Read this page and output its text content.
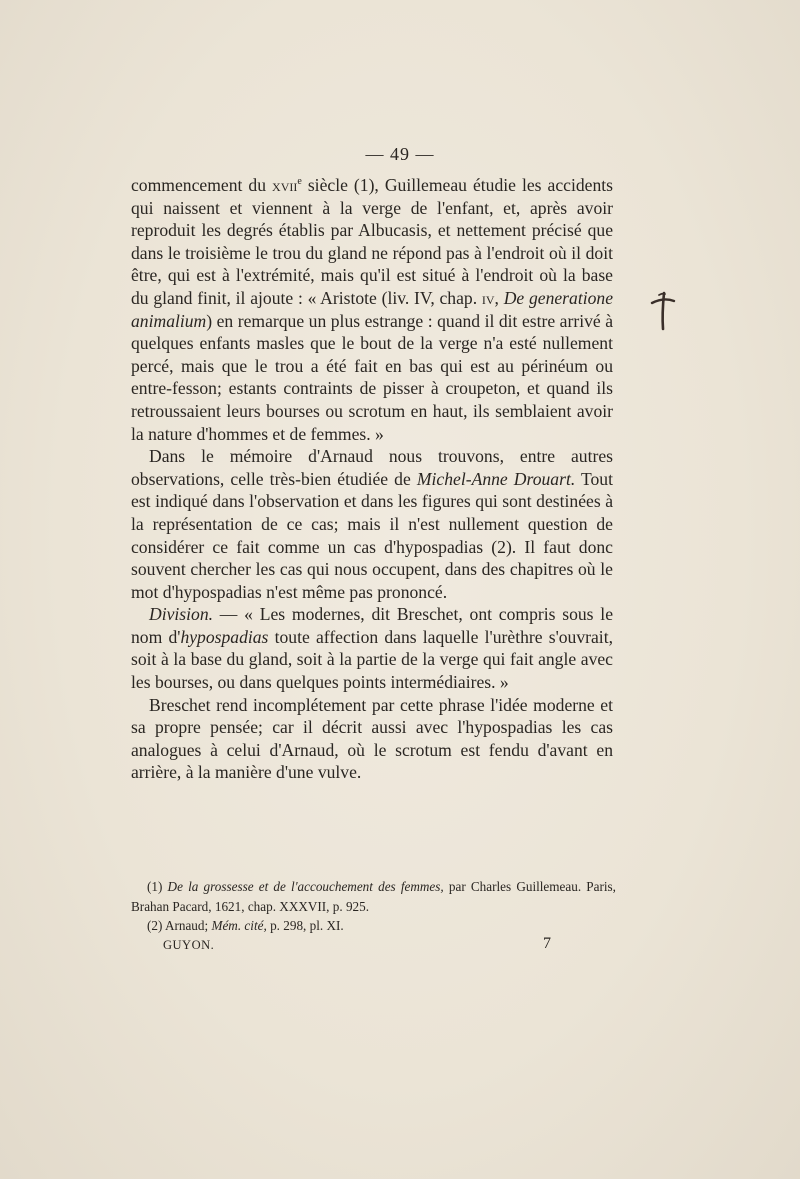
— 49 —

commencement du xvii$^e$ siècle (1), Guillemeau étudie les accidents qui naissent et viennent à la verge de l'enfant, et, après avoir reproduit les degrés établis par Albucasis, et nettement précisé que dans le troisième le trou du gland ne répond pas à l'endroit où il doit être, qui est à l'extrémité, mais qu'il est situé à l'endroit où la base du gland finit, il ajoute : « Aristote (liv. IV, chap. iv, De generatione animalium) en remarque un plus estrange : quand il dit estre arrivé à quelques enfants masles que le bout de la verge n'a esté nullement percé, mais que le trou a été fait en bas qui est au périnéum ou entre-fesson; estants contraints de pisser à croupeton, et quand ils retroussaient leurs bourses ou scrotum en haut, ils semblaient avoir la nature d'hommes et de femmes. »

Dans le mémoire d'Arnaud nous trouvons, entre autres observations, celle très-bien étudiée de Michel-Anne Drouart. Tout est indiqué dans l'observation et dans les figures qui sont destinées à la représentation de ce cas; mais il n'est nullement question de considérer ce fait comme un cas d'hypospadias (2). Il faut donc souvent chercher les cas qui nous occupent, dans des chapitres où le mot d'hypospadias n'est même pas prononcé.

Division. — « Les modernes, dit Breschet, ont compris sous le nom d'hypospadias toute affection dans laquelle l'urèthre s'ouvrait, soit à la base du gland, soit à la partie de la verge qui fait angle avec les bourses, ou dans quelques points intermédiaires. »

Breschet rend incomplétement par cette phrase l'idée moderne et sa propre pensée; car il décrit aussi avec l'hypospadias les cas analogues à celui d'Arnaud, où le scrotum est fendu d'avant en arrière, à la manière d'une vulve.

(1) De la grossesse et de l'accouchement des femmes, par Charles Guillemeau. Paris, Brahan Pacard, 1621, chap. XXXVII, p. 925.

(2) Arnaud; Mém. cité, p. 298, pl. XI.

GUYON.	7
